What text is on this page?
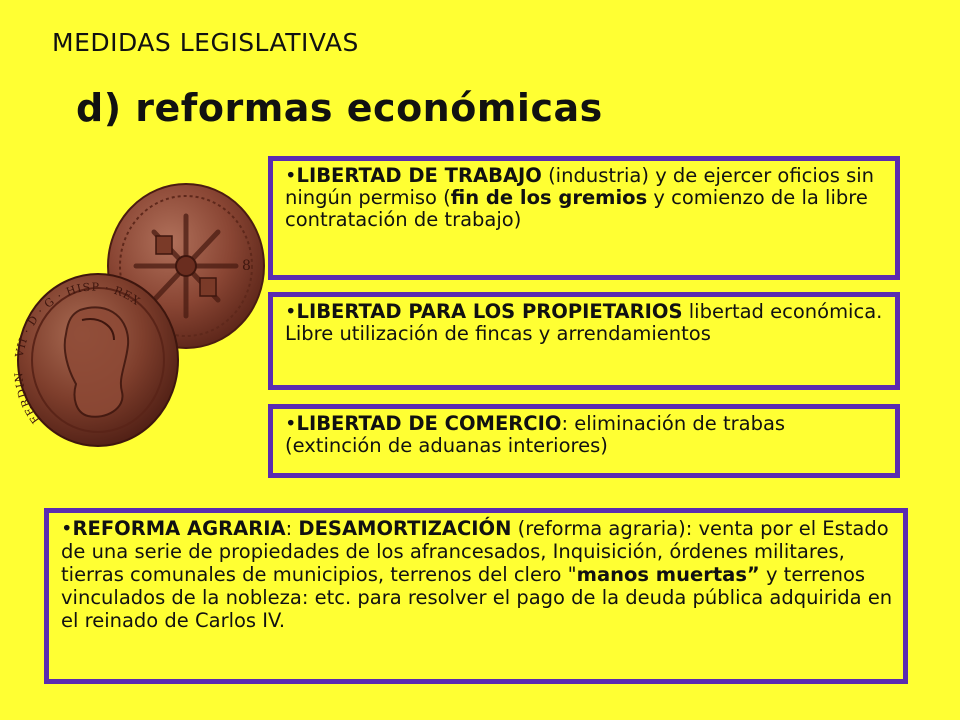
MEDIDAS LEGISLATIVAS
d) reformas económicas
8
FERDIN · VII · D · G · HISP · REX
•LIBERTAD DE TRABAJO (industria) y de ejercer oficios sin ningún permiso (fin de los gremios y comienzo de la libre contratación de trabajo)
•LIBERTAD PARA LOS PROPIETARIOS libertad económica. Libre utilización de fincas y arrendamientos
•LIBERTAD DE COMERCIO: eliminación de trabas (extinción de aduanas interiores)
•REFORMA AGRARIA: DESAMORTIZACIÓN (reforma agraria): venta por el Estado de una serie de propiedades de los afrancesados, Inquisición, órdenes militares, tierras comunales de municipios, terrenos del clero "manos muertas” y terrenos vinculados de la nobleza: etc. para resolver el pago de la deuda pública adquirida en el reinado de Carlos IV.
